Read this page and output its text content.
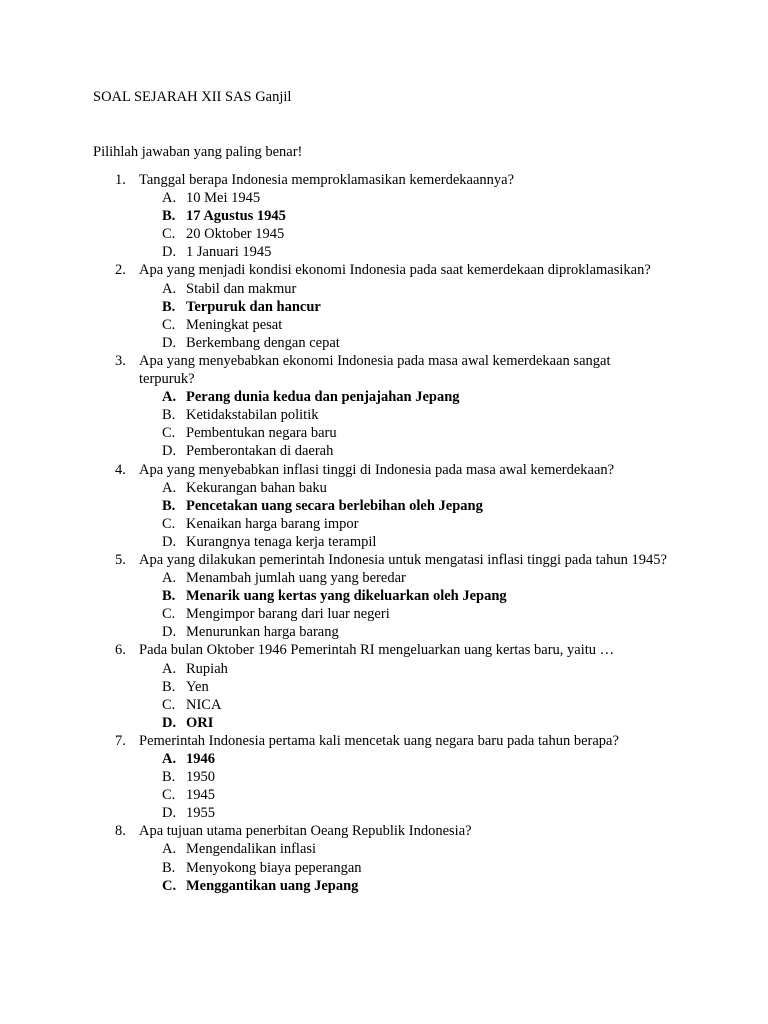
SOAL SEJARAH XII SAS Ganjil
Pilihlah jawaban yang paling benar!
1. Tanggal berapa Indonesia memproklamasikan kemerdekaannya?
A. 10 Mei 1945
B. 17 Agustus 1945
C. 20 Oktober 1945
D. 1 Januari 1945
2. Apa yang menjadi kondisi ekonomi Indonesia pada saat kemerdekaan diproklamasikan?
A. Stabil dan makmur
B. Terpuruk dan hancur
C. Meningkat pesat
D. Berkembang dengan cepat
3. Apa yang menyebabkan ekonomi Indonesia pada masa awal kemerdekaan sangat terpuruk?
A. Perang dunia kedua dan penjajahan Jepang
B. Ketidakstabilan politik
C. Pembentukan negara baru
D. Pemberontakan di daerah
4. Apa yang menyebabkan inflasi tinggi di Indonesia pada masa awal kemerdekaan?
A. Kekurangan bahan baku
B. Pencetakan uang secara berlebihan oleh Jepang
C. Kenaikan harga barang impor
D. Kurangnya tenaga kerja terampil
5. Apa yang dilakukan pemerintah Indonesia untuk mengatasi inflasi tinggi pada tahun 1945?
A. Menambah jumlah uang yang beredar
B. Menarik uang kertas yang dikeluarkan oleh Jepang
C. Mengimpor barang dari luar negeri
D. Menurunkan harga barang
6. Pada bulan Oktober 1946 Pemerintah RI mengeluarkan uang kertas baru, yaitu …
A. Rupiah
B. Yen
C. NICA
D. ORI
7. Pemerintah Indonesia pertama kali mencetak uang negara baru pada tahun berapa?
A. 1946
B. 1950
C. 1945
D. 1955
8. Apa tujuan utama penerbitan Oeang Republik Indonesia?
A. Mengendalikan inflasi
B. Menyokong biaya peperangan
C. Menggantikan uang Jepang
